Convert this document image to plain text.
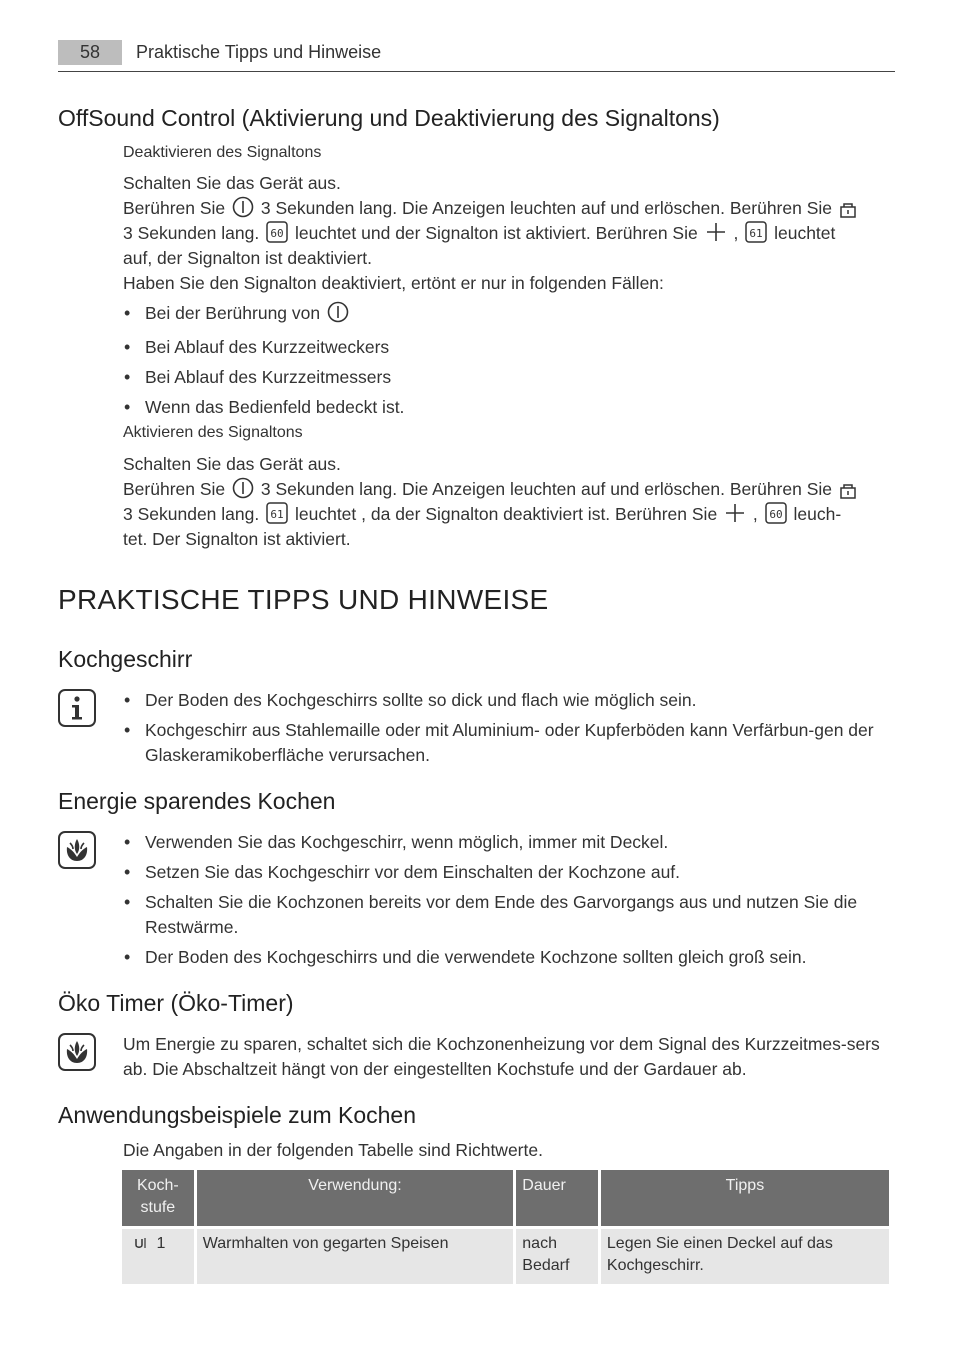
58	Praktische Tipps und Hinweise
OffSound Control (Aktivierung und Deaktivierung des Signaltons)
Deaktivieren des Signaltons
Schalten Sie das Gerät aus.
Berühren Sie 3 Sekunden lang. Die Anzeigen leuchten auf und erlöschen. Berühren Sie
3 Sekunden lang. 60 leuchtet und der Signalton ist aktiviert. Berühren Sie , 61 leuchtet
auf, der Signalton ist deaktiviert.
Haben Sie den Signalton deaktiviert, ertönt er nur in folgenden Fällen:
• Bei der Berührung von
• Bei Ablauf des Kurzzeitweckers
• Bei Ablauf des Kurzzeitmessers
• Wenn das Bedienfeld bedeckt ist.
Aktivieren des Signaltons
Schalten Sie das Gerät aus.
Berühren Sie 3 Sekunden lang. Die Anzeigen leuchten auf und erlöschen. Berühren Sie
3 Sekunden lang. 61 leuchtet , da der Signalton deaktiviert ist. Berühren Sie , 60 leuch-
tet. Der Signalton ist aktiviert.
PRAKTISCHE TIPPS UND HINWEISE
Kochgeschirr
• Der Boden des Kochgeschirrs sollte so dick und flach wie möglich sein.
• Kochgeschirr aus Stahlemaille oder mit Aluminium- oder Kupferböden kann Verfärbun-gen der Glaskeramikoberfläche verursachen.
Energie sparendes Kochen
• Verwenden Sie das Kochgeschirr, wenn möglich, immer mit Deckel.
• Setzen Sie das Kochgeschirr vor dem Einschalten der Kochzone auf.
• Schalten Sie die Kochzonen bereits vor dem Ende des Garvorgangs aus und nutzen Sie die Restwärme.
• Der Boden des Kochgeschirrs und die verwendete Kochzone sollten gleich groß sein.
Öko Timer (Öko-Timer)
Um Energie zu sparen, schaltet sich die Kochzonenheizung vor dem Signal des Kurzzeitmes-sers ab. Die Abschaltzeit hängt von der eingestellten Kochstufe und der Gardauer ab.
Anwendungsbeispiele zum Kochen
Die Angaben in der folgenden Tabelle sind Richtwerte.
Koch-stufe	Verwendung:	Dauer	Tipps
1	Warmhalten von gegarten Speisen	nach Bedarf	Legen Sie einen Deckel auf das Kochgeschirr.
